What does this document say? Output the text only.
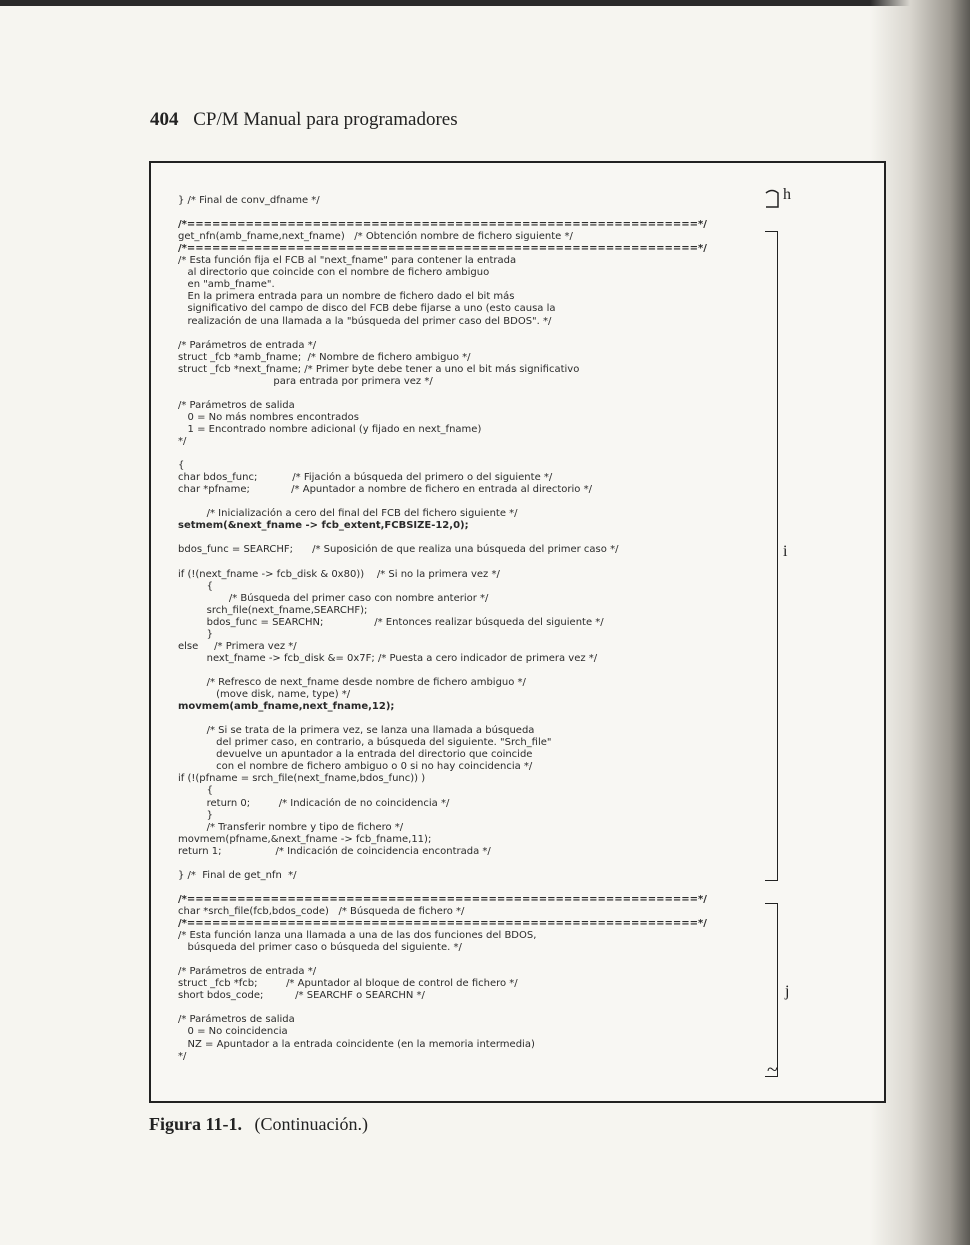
404 CP/M Manual para programadores
} /* Final de conv_dfname */
/*=============================================================*/
get_nfn(amb_fname,next_fname)   /* Obtención nombre de fichero siguiente */
/*=============================================================*/
/* Esta función fija el FCB al "next_fname" para contener la entrada
al directorio que coincide con el nombre de fichero ambiguo
en "amb_fname".
En la primera entrada para un nombre de fichero dado el bit más
significativo del campo de disco del FCB debe fijarse a uno (esto causa la
realización de una llamada a la "búsqueda del primer caso del BDOS". */
/* Parámetros de entrada */
struct _fcb *amb_fname;  /* Nombre de fichero ambiguo */
struct _fcb *next_fname; /* Primer byte debe tener a uno el bit más significativo
para entrada por primera vez */
/* Parámetros de salida
0 = No más nombres encontrados
1 = Encontrado nombre adicional (y fijado en next_fname)
*/
{
char bdos_func;           /* Fijación a búsqueda del primero o del siguiente */
char *pfname;             /* Apuntador a nombre de fichero en entrada al directorio */
/* Inicialización a cero del final del FCB del fichero siguiente */
setmem(&next_fname -> fcb_extent,FCBSIZE-12,0);
bdos_func = SEARCHF;      /* Suposición de que realiza una búsqueda del primer caso */
if (!(next_fname -> fcb_disk & 0x80))    /* Si no la primera vez */
{
/* Búsqueda del primer caso con nombre anterior */
srch_file(next_fname,SEARCHF);
bdos_func = SEARCHN;                /* Entonces realizar búsqueda del siguiente */
}
else     /* Primera vez */
next_fname -> fcb_disk &= 0x7F; /* Puesta a cero indicador de primera vez */
/* Refresco de next_fname desde nombre de fichero ambiguo */
(move disk, name, type) */
movmem(amb_fname,next_fname,12);
/* Si se trata de la primera vez, se lanza una llamada a búsqueda
del primer caso, en contrario, a búsqueda del siguiente. "Srch_file"
devuelve un apuntador a la entrada del directorio que coincide
con el nombre de fichero ambiguo o 0 si no hay coincidencia */
if (!(pfname = srch_file(next_fname,bdos_func)) )
{
return 0;         /* Indicación de no coincidencia */
}
/* Transferir nombre y tipo de fichero */
movmem(pfname,&next_fname -> fcb_fname,11);
return 1;                 /* Indicación de coincidencia encontrada */
} /*  Final de get_nfn  */
/*=============================================================*/
char *srch_file(fcb,bdos_code)   /* Búsqueda de fichero */
/*=============================================================*/
/* Esta función lanza una llamada a una de las dos funciones del BDOS,
búsqueda del primer caso o búsqueda del siguiente. */
/* Parámetros de entrada */
struct _fcb *fcb;         /* Apuntador al bloque de control de fichero */
short bdos_code;          /* SEARCHF o SEARCHN */
/* Parámetros de salida
0 = No coincidencia
NZ = Apuntador a la entrada coincidente (en la memoria intermedia)
*/
h
i
j
~
Figura 11-1. (Continuación.)
